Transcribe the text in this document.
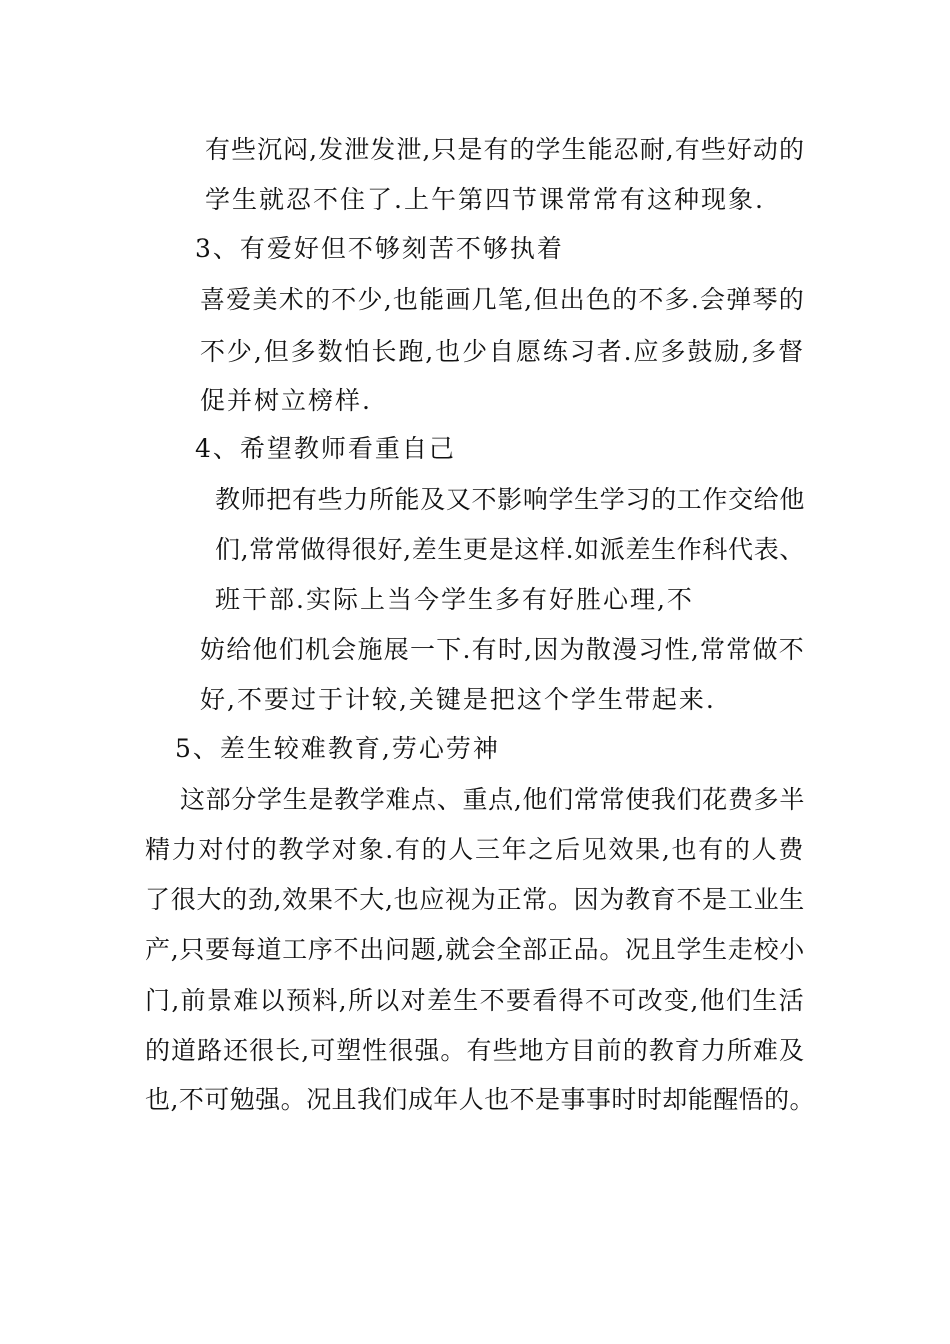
有些沉闷,发泄发泄,只是有的学生能忍耐,有些好动的
学生就忍不住了.上午第四节课常常有这种现象.
3、有爱好但不够刻苦不够执着
喜爱美术的不少,也能画几笔,但出色的不多.会弹琴的
不少,但多数怕长跑,也少自愿练习者.应多鼓励,多督
促并树立榜样.
4、希望教师看重自己
教师把有些力所能及又不影响学生学习的工作交给他
们,常常做得很好,差生更是这样.如派差生作科代表、
班干部.实际上当今学生多有好胜心理,不
妨给他们机会施展一下.有时,因为散漫习性,常常做不
好,不要过于计较,关键是把这个学生带起来.
5、差生较难教育,劳心劳神
这部分学生是教学难点、重点,他们常常使我们花费多半
精力对付的教学对象.有的人三年之后见效果,也有的人费
了很大的劲,效果不大,也应视为正常。因为教育不是工业生
产,只要每道工序不出问题,就会全部正品。况且学生走校小
门,前景难以预料,所以对差生不要看得不可改变,他们生活
的道路还很长,可塑性很强。有些地方目前的教育力所难及
也,不可勉强。况且我们成年人也不是事事时时却能醒悟的。
